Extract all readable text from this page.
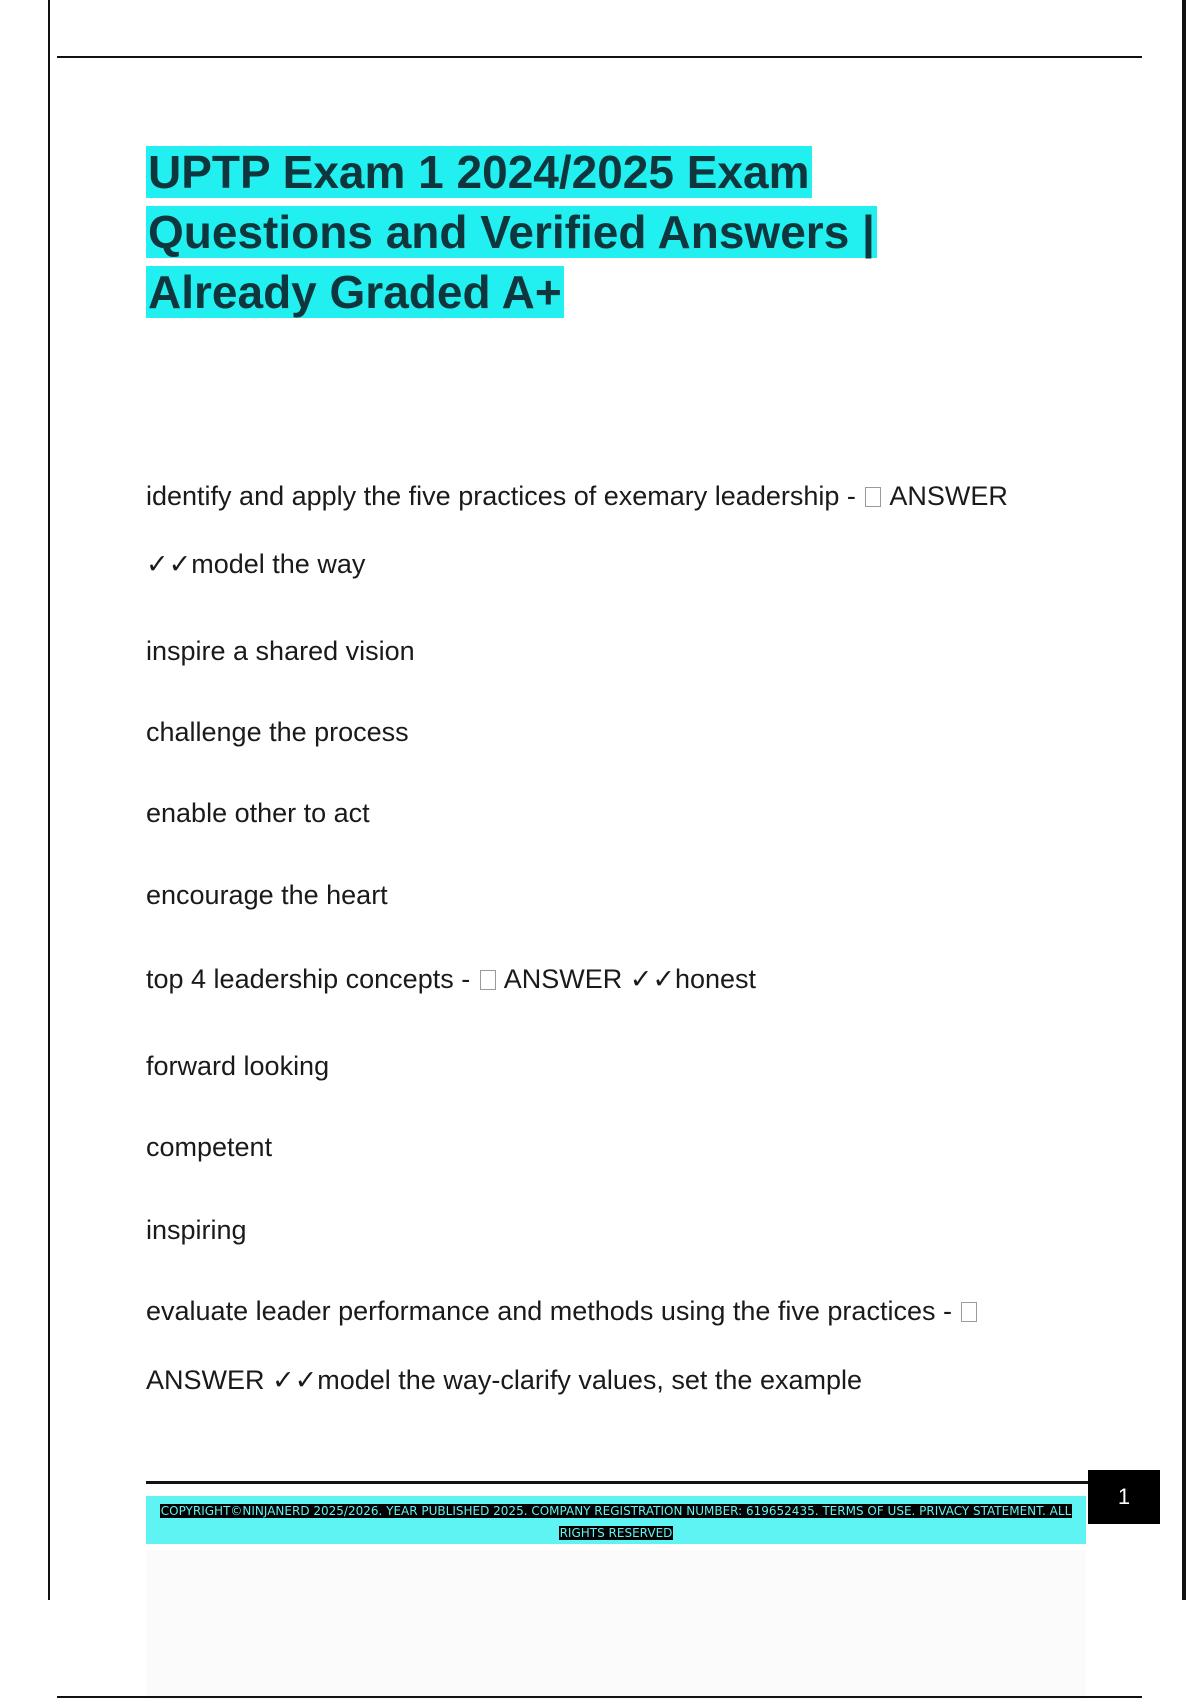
UPTP Exam 1 2024/2025 Exam Questions and Verified Answers | Already Graded A+
identify and apply the five practices of exemary leadership - ANSWER
✓✓model the way
inspire a shared vision
challenge the process
enable other to act
encourage the heart
top 4 leadership concepts - ANSWER ✓✓honest
forward looking
competent
inspiring
evaluate leader performance and methods using the five practices -
ANSWER ✓✓model the way-clarify values, set the example
1
COPYRIGHT©NINJANERD 2025/2026. YEAR PUBLISHED 2025. COMPANY REGISTRATION NUMBER: 619652435. TERMS OF USE. PRIVACY STATEMENT. ALL RIGHTS RESERVED
